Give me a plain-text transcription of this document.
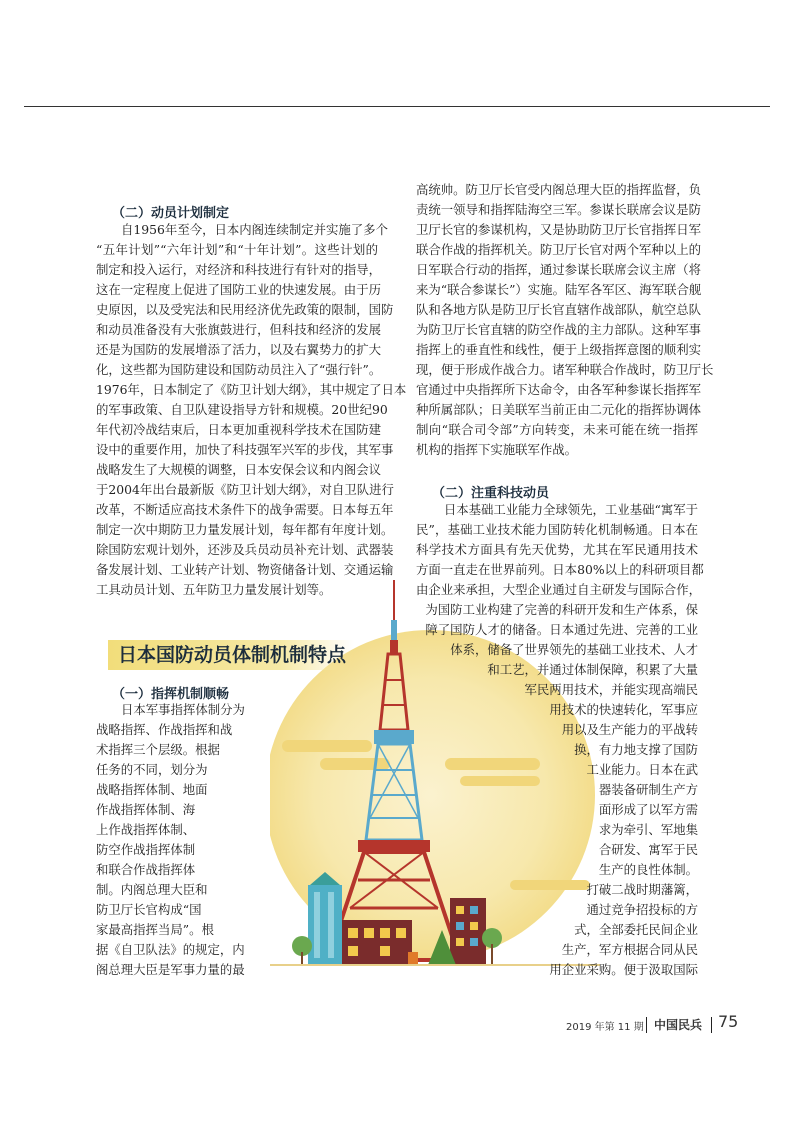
（二）动员计划制定
自1956年至今，日本内阁连续制定并实施了多个
“五年计划”“六年计划”和“十年计划”。这些计划的
制定和投入运行，对经济和科技进行有针对的指导，
这在一定程度上促进了国防工业的快速发展。由于历
史原因，以及受宪法和民用经济优先政策的限制，国防
和动员准备没有大张旗鼓进行，但科技和经济的发展
还是为国防的发展增添了活力，以及右翼势力的扩大
化，这些都为国防建设和国防动员注入了“强行针”。
1976年，日本制定了《防卫计划大纲》，其中规定了日本
的军事政策、自卫队建设指导方针和规模。20世纪90
年代初冷战结束后，日本更加重视科学技术在国防建
设中的重要作用，加快了科技强军兴军的步伐，其军事
战略发生了大规模的调整，日本安保会议和内阁会议
于2004年出台最新版《防卫计划大纲》，对自卫队进行
改革，不断适应高技术条件下的战争需要。日本每五年
制定一次中期防卫力量发展计划，每年都有年度计划。
除国防宏观计划外，还涉及兵员动员补充计划、武器装
备发展计划、工业转产计划、物资储备计划、交通运输
工具动员计划、五年防卫力量发展计划等。
日本国防动员体制机制特点
（一）指挥机制顺畅
日本军事指挥体制分为
战略指挥、作战指挥和战
术指挥三个层级。根据
任务的不同，划分为
战略指挥体制、地面
作战指挥体制、海
上作战指挥体制、
防空作战指挥体制
和联合作战指挥体
制。内阁总理大臣和
防卫厅长官构成“国
家最高指挥当局”。根
据《自卫队法》的规定，内
阁总理大臣是军事力量的最
高统帅。防卫厅长官受内阁总理大臣的指挥监督，负
责统一领导和指挥陆海空三军。参谋长联席会议是防
卫厅长官的参谋机构，又是协助防卫厅长官指挥日军
联合作战的指挥机关。防卫厅长官对两个军种以上的
日军联合行动的指挥，通过参谋长联席会议主席（将
来为“联合参谋长”）实施。陆军各军区、海军联合舰
队和各地方队是防卫厅长官直辖作战部队，航空总队
为防卫厅长官直辖的防空作战的主力部队。这种军事
指挥上的垂直性和线性，便于上级指挥意图的顺利实
现，便于形成作战合力。诸军种联合作战时，防卫厅长
官通过中央指挥所下达命令，由各军种参谋长指挥军
种所属部队；日美联军当前正由二元化的指挥协调体
制向“联合司令部”方向转变，未来可能在统一指挥
机构的指挥下实施联军作战。
（二）注重科技动员
日本基础工业能力全球领先，工业基础“寓军于
民”，基础工业技术能力国防转化机制畅通。日本在
科学技术方面具有先天优势，尤其在军民通用技术
方面一直走在世界前列。日本80%以上的科研项目都
由企业来承担，大型企业通过自主研发与国际合作，
为国防工业构建了完善的科研开发和生产体系，保
障了国防人才的储备。日本通过先进、完善的工业
体系，储备了世界领先的基础工业技术、人才
和工艺，并通过体制保障，积累了大量
军民两用技术，并能实现高端民
用技术的快速转化，军事应
用以及生产能力的平战转
换，有力地支撑了国防
工业能力。日本在武
器装备研制生产方
面形成了以军方需
求为牵引、军地集
合研发、寓军于民
生产的良性体制。
打破二战时期藩篱，
通过竞争招投标的方
式，全部委托民间企业
生产，军方根据合同从民
用企业采购。便于汲取国际
2019 年第 11 期 中国民兵 75
